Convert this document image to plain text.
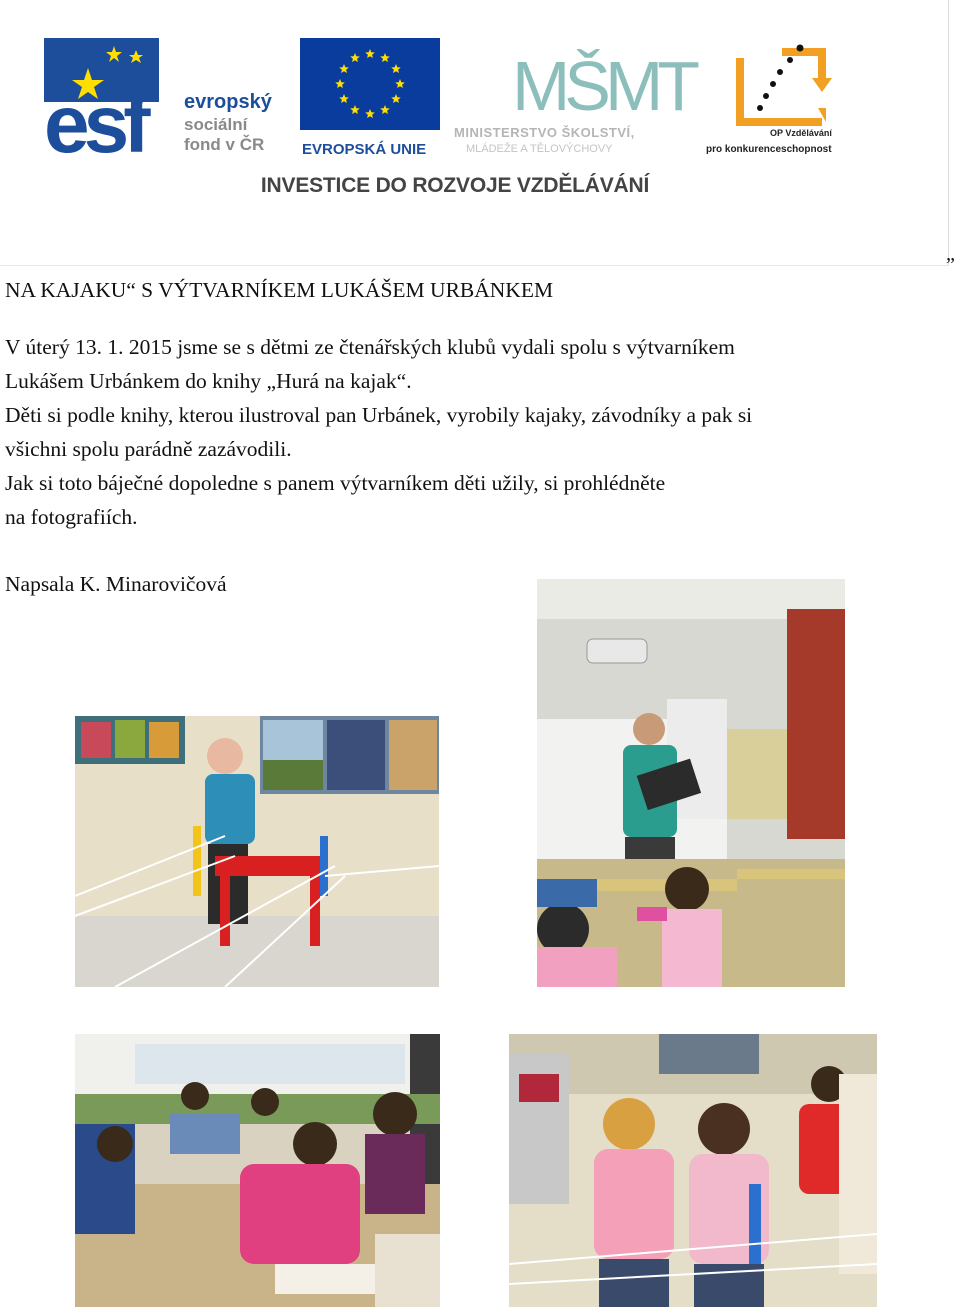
esf	evropský
sociální
fond v ČR	EVROPSKÁ UNIE
MŠMT
MINISTERSTVO ŠKOLSTVÍ,
MLÁDEŽE A TĚLOVÝCHOVY
OP Vzdělávání
pro konkurenceschopnost
INVESTICE DO ROZVOJE VZDĚLÁVÁNÍ
”
NA KAJAKU“ S VÝTVARNÍKEM LUKÁŠEM URBÁNKEM
V úterý 13. 1. 2015 jsme se s dětmi ze čtenářských klubů vydali spolu s výtvarníkem
Lukášem Urbánkem do knihy „Hurá na kajak“.
Děti si podle knihy, kterou ilustroval pan Urbánek, vyrobily kajaky, závodníky a pak si
všichni spolu parádně zazávodili.
Jak si toto báječné dopoledne s panem výtvarníkem děti užily, si prohlédněte
na fotografiích.
Napsala K. Minarovičová
